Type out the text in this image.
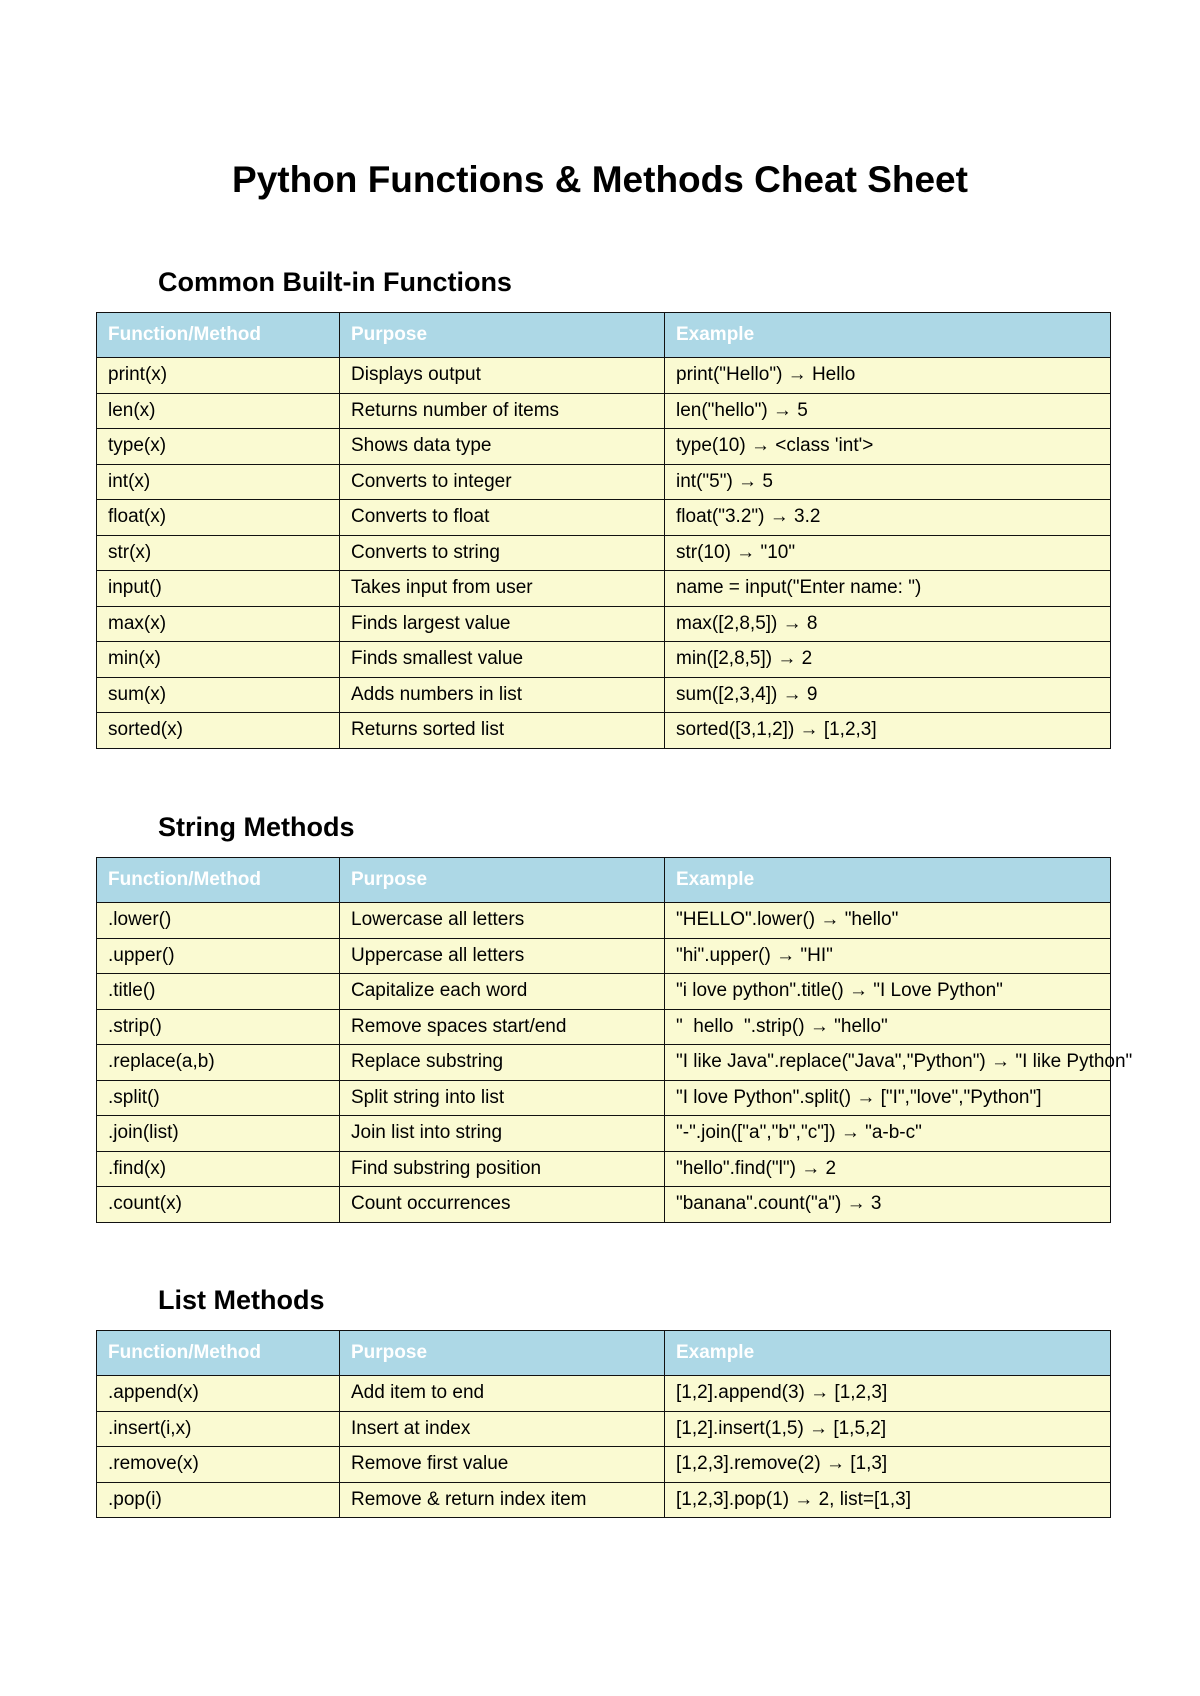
Python Functions & Methods Cheat Sheet
Common Built-in Functions
Function/Method	Purpose	Example
print(x)	Displays output	print("Hello") → Hello
len(x)	Returns number of items	len("hello") → 5
type(x)	Shows data type	type(10) → <class 'int'>
int(x)	Converts to integer	int("5") → 5
float(x)	Converts to float	float("3.2") → 3.2
str(x)	Converts to string	str(10) → "10"
input()	Takes input from user	name = input("Enter name: ")
max(x)	Finds largest value	max([2,8,5]) → 8
min(x)	Finds smallest value	min([2,8,5]) → 2
sum(x)	Adds numbers in list	sum([2,3,4]) → 9
sorted(x)	Returns sorted list	sorted([3,1,2]) → [1,2,3]
String Methods
Function/Method	Purpose	Example
.lower()	Lowercase all letters	"HELLO".lower() → "hello"
.upper()	Uppercase all letters	"hi".upper() → "HI"
.title()	Capitalize each word	"i love python".title() → "I Love Python"
.strip()	Remove spaces start/end	"  hello  ".strip() → "hello"
.replace(a,b)	Replace substring	"I like Java".replace("Java","Python") → "I like Python"
.split()	Split string into list	"I love Python".split() → ["I","love","Python"]
.join(list)	Join list into string	"-".join(["a","b","c"]) → "a-b-c"
.find(x)	Find substring position	"hello".find("l") → 2
.count(x)	Count occurrences	"banana".count("a") → 3
List Methods
Function/Method	Purpose	Example
.append(x)	Add item to end	[1,2].append(3) → [1,2,3]
.insert(i,x)	Insert at index	[1,2].insert(1,5) → [1,5,2]
.remove(x)	Remove first value	[1,2,3].remove(2) → [1,3]
.pop(i)	Remove & return index item	[1,2,3].pop(1) → 2, list=[1,3]
